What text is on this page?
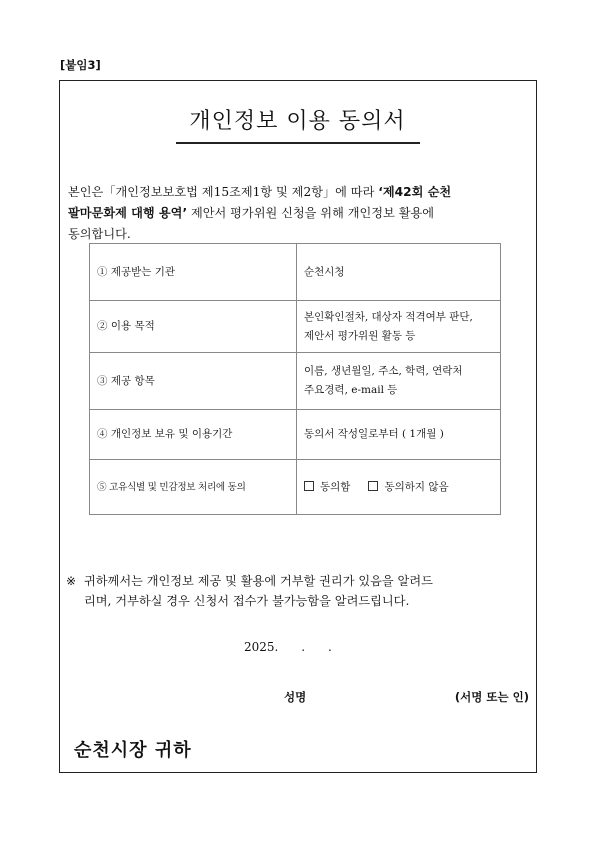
[붙임3]
개인정보 이용 동의서
본인은「개인정보보호법 제15조제1항 및 제2항」에 따라 ‘제42회 순천
팔마문화제 대행 용역’ 제안서 평가위원 신청을 위해 개인정보 활용에
동의합니다.
① 제공받는 기관	순천시청
② 이용 목적	본인확인절차, 대상자 적격여부 판단,
제안서 평가위원 활동 등

③ 제공 항목	이름, 생년월일, 주소, 학력, 연락처
주요경력, e-mail 등

④ 개인정보 보유 및 이용기간	동의서 작성일로부터 ( 1개월 )
⑤ 고유식별 및 민감정보 처리에 동의	동의함 동의하지 않음
※ 귀하께서는 개인정보 제공 및 활용에 거부할 권리가 있음을 알려드
리며, 거부하실 경우 신청서 접수가 불가능함을 알려드립니다.
2025.      .      .
성명	(서명 또는 인)
순천시장 귀하
